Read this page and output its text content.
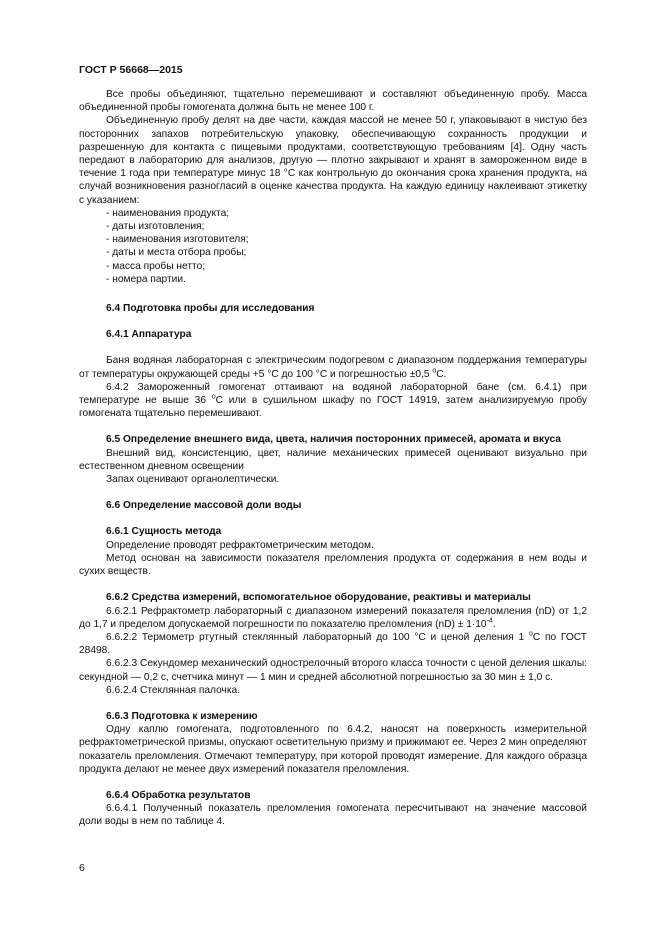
ГОСТ Р 56668—2015

Все пробы объединяют, тщательно перемешивают и составляют объединенную пробу. Масса объединенной пробы гомогената должна быть не менее 100 г.

Объединенную пробу делят на две части, каждая массой не менее 50 г, упаковывают в чистую без посторонних запахов потребительскую упаковку, обеспечивающую сохранность продукции и разрешенную для контакта с пищевыми продуктами, соответствующую требованиям [4]. Одну часть передают в лабораторию для анализов, другую — плотно закрывают и хранят в замороженном виде в течение 1 года при температуре минус 18 °С как контрольную до окончания срока хранения продукта, на случай возникновения разногласий в оценке качества продукта. На каждую единицу наклеивают этикетку с указанием:

- наименования продукта;

- даты изготовления;

- наименования изготовителя;

- даты и места отбора пробы;

- масса пробы нетто;

- номера партии.

6.4 Подготовка пробы для исследования

6.4.1 Аппаратура

Баня водяная лабораторная с электрическим подогревом с диапазоном поддержания температуры от температуры окружающей среды +5 °С до 100 °С и погрешностью ±0,5 $^о$С.

6.4.2 Замороженный гомогенат оттаивают на водяной лабораторной бане (см. 6.4.1) при температуре не выше 36 $^о$С или в сушильном шкафу по ГОСТ 14919, затем анализируемую пробу гомогената тщательно перемешивают.

6.5 Определение внешнего вида, цвета, наличия посторонних примесей, аромата и вкуса

Внешний вид, консистенцию, цвет, наличие механических примесей оценивают визуально при естественном дневном освещении

Запах оценивают органолептически.

6.6 Определение массовой доли воды

6.6.1 Сущность метода

Определение проводят рефрактометрическим методом.

Метод основан на зависимости показателя преломления продукта от содержания в нем воды и сухих веществ.

6.6.2 Средства измерений, вспомогательное оборудование, реактивы и материалы

6.6.2.1 Рефрактометр лабораторный с диапазоном измерений показателя преломления (nD) от 1,2 до 1,7 и пределом допускаемой погрешности по показателю преломления $(nD) \pm 1\cdot 10^{-4}$.

6.6.2.2 Термометр ртутный стеклянный лабораторный до 100 °С и ценой деления 1 $^о$С по ГОСТ 28498.

6.6.2.3 Секундомер механический однострелочный второго класса точности с ценой деления шкалы: секундной — 0,2 с, счетчика минут — 1 мин и средней абсолютной погрешностью за 30 мин ± 1,0 с.

6.6.2.4 Стеклянная палочка.

6.6.3 Подготовка к измерению

Одну каплю гомогената, подготовленного по 6.4.2, наносят на поверхность измерительной рефрактометрической призмы, опускают осветительную призму и прижимают ее. Через 2 мин определяют показатель преломления. Отмечают температуру, при которой проводят измерение. Для каждого образца продукта делают не менее двух измерений показателя преломления.

6.6.4 Обработка результатов

6.6.4.1 Полученный показатель преломления гомогената пересчитывают на значение массовой доли воды в нем по таблице 4.

6
